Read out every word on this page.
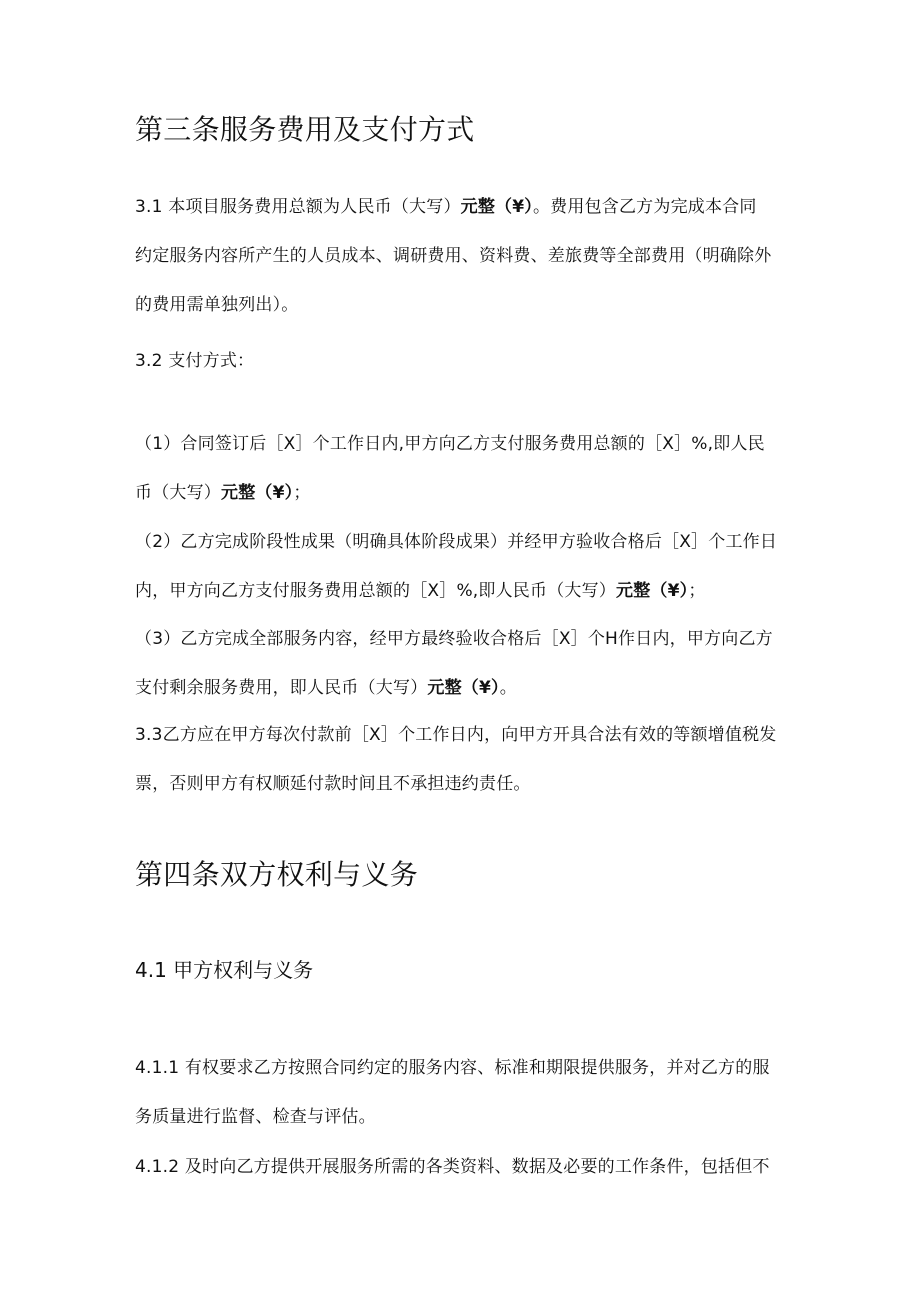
第三条服务费用及支付方式
3.1 本项目服务费用总额为人民币（大写）元整（¥）。费用包含乙方为完成本合同
约定服务内容所产生的人员成本、调研费用、资料费、差旅费等全部费用（明确除外
的费用需单独列出）。
3.2 支付方式：
（1）合同签订后［X］个工作日内,甲方向乙方支付服务费用总额的［X］%,即人民
币（大写）元整（¥）；
（2）乙方完成阶段性成果（明确具体阶段成果）并经甲方验收合格后［X］个工作日
内，甲方向乙方支付服务费用总额的［X］%,即人民币（大写）元整（¥）；
（3）乙方完成全部服务内容，经甲方最终验收合格后［X］个H作日内，甲方向乙方
支付剩余服务费用，即人民币（大写）元整（¥）。
3.3乙方应在甲方每次付款前［X］个工作日内，向甲方开具合法有效的等额增值税发
票，否则甲方有权顺延付款时间且不承担违约责任。
第四条双方权利与义务
4.1 甲方权利与义务
4.1.1 有权要求乙方按照合同约定的服务内容、标准和期限提供服务，并对乙方的服
务质量进行监督、检查与评估。
4.1.2 及时向乙方提供开展服务所需的各类资料、数据及必要的工作条件，包括但不
